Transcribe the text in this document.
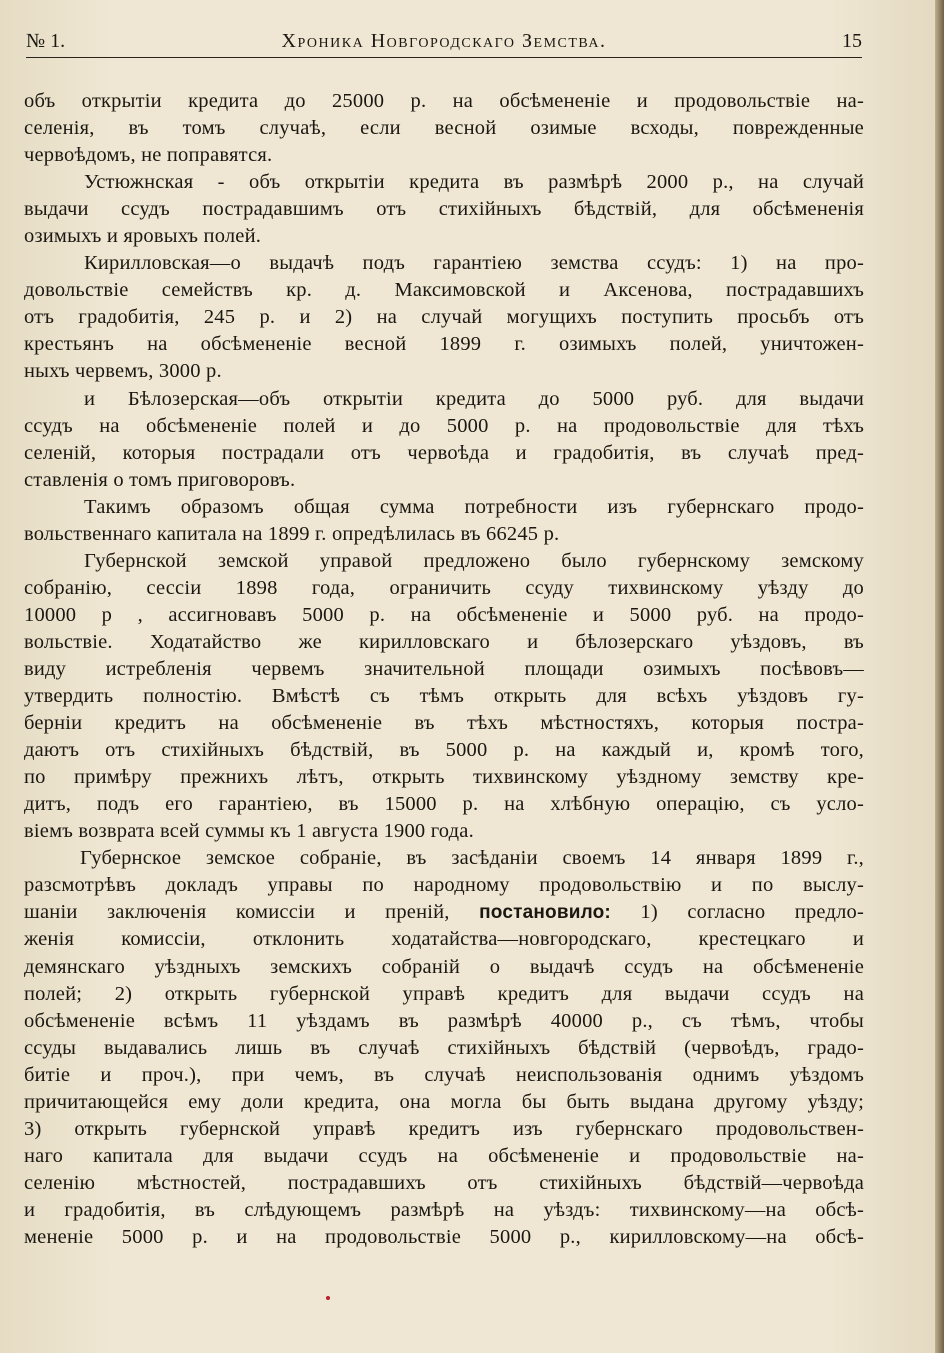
№ 1.	Хроника Новгородскаго Земства.	15
объ открытіи кредита до 25000 р. на обсѣмененіе и продовольствіе на-
селенія, въ томъ случаѣ, если весной озимые всходы, поврежденные
червоѣдомъ, не поправятся.
Устюжнская - объ открытіи кредита въ размѣрѣ 2000 р., на случай
выдачи ссудъ пострадавшимъ отъ стихійныхъ бѣдствій, для обсѣмененія
озимыхъ и яровыхъ полей.
Кирилловская—о выдачѣ подъ гарантіею земства ссудъ: 1) на про-
довольствіе семействъ кр. д. Максимовской и Аксенова, пострадавшихъ
отъ градобитія, 245 р. и 2) на случай могущихъ поступить просьбъ отъ
крестьянъ на обсѣмененіе весной 1899 г. озимыхъ полей, уничтожен-
ныхъ червемъ, 3000 р.
и Бѣлозерская—объ открытіи кредита до 5000 руб. для выдачи
ссудъ на обсѣмененіе полей и до 5000 р. на продовольствіе для тѣхъ
селеній, которыя пострадали отъ червоѣда и градобитія, въ случаѣ пред-
ставленія о томъ приговоровъ.
Такимъ образомъ общая сумма потребности изъ губернскаго продо-
вольственнаго капитала на 1899 г. опредѣлилась въ 66245 р.
Губернской земской управой предложено было губернскому земскому
собранію, сессіи 1898 года, ограничить ссуду тихвинскому уѣзду до
10000 р , ассигновавъ 5000 р. на обсѣмененіе и 5000 руб. на продо-
вольствіе. Ходатайство же кирилловскаго и бѣлозерскаго уѣздовъ, въ
виду истребленія червемъ значительной площади озимыхъ посѣвовъ—
утвердить полностію. Вмѣстѣ съ тѣмъ открыть для всѣхъ уѣздовъ гу-
берніи кредитъ на обсѣмененіе въ тѣхъ мѣстностяхъ, которыя постра-
даютъ отъ стихійныхъ бѣдствій, въ 5000 р. на каждый и, кромѣ того,
по примѣру прежнихъ лѣтъ, открыть тихвинскому уѣздному земству кре-
дитъ, подъ его гарантіею, въ 15000 р. на хлѣбную операцію, съ усло-
віемъ возврата всей суммы къ 1 августа 1900 года.
Губернское земское собраніе, въ засѣданіи своемъ 14 января 1899 г.,
разсмотрѣвъ докладъ управы по народному продовольствію и по выслу-
шаніи заключенія комиссіи и преній, постановило: 1) согласно предло-
женія комиссіи, отклонить ходатайства—новгородскаго, крестецкаго и
демянскаго уѣздныхъ земскихъ собраній о выдачѣ ссудъ на обсѣмененіе
полей; 2) открыть губернской управѣ кредитъ для выдачи ссудъ на
обсѣмененіе всѣмъ 11 уѣздамъ въ размѣрѣ 40000 р., съ тѣмъ, чтобы
ссуды выдавались лишь въ случаѣ стихійныхъ бѣдствій (червоѣдъ, градо-
битіе и проч.), при чемъ, въ случаѣ неиспользованія однимъ уѣздомъ
причитающейся ему доли кредита, она могла бы быть выдана другому уѣзду;
3) открыть губернской управѣ кредитъ изъ губернскаго продовольствен-
наго капитала для выдачи ссудъ на обсѣмененіе и продовольствіе на-
селенію мѣстностей, пострадавшихъ отъ стихійныхъ бѣдствій—червоѣда
и градобитія, въ слѣдующемъ размѣрѣ на уѣздъ: тихвинскому—на обсѣ-
мененіе 5000 р. и на продовольствіе 5000 р., кирилловскому—на обсѣ-
